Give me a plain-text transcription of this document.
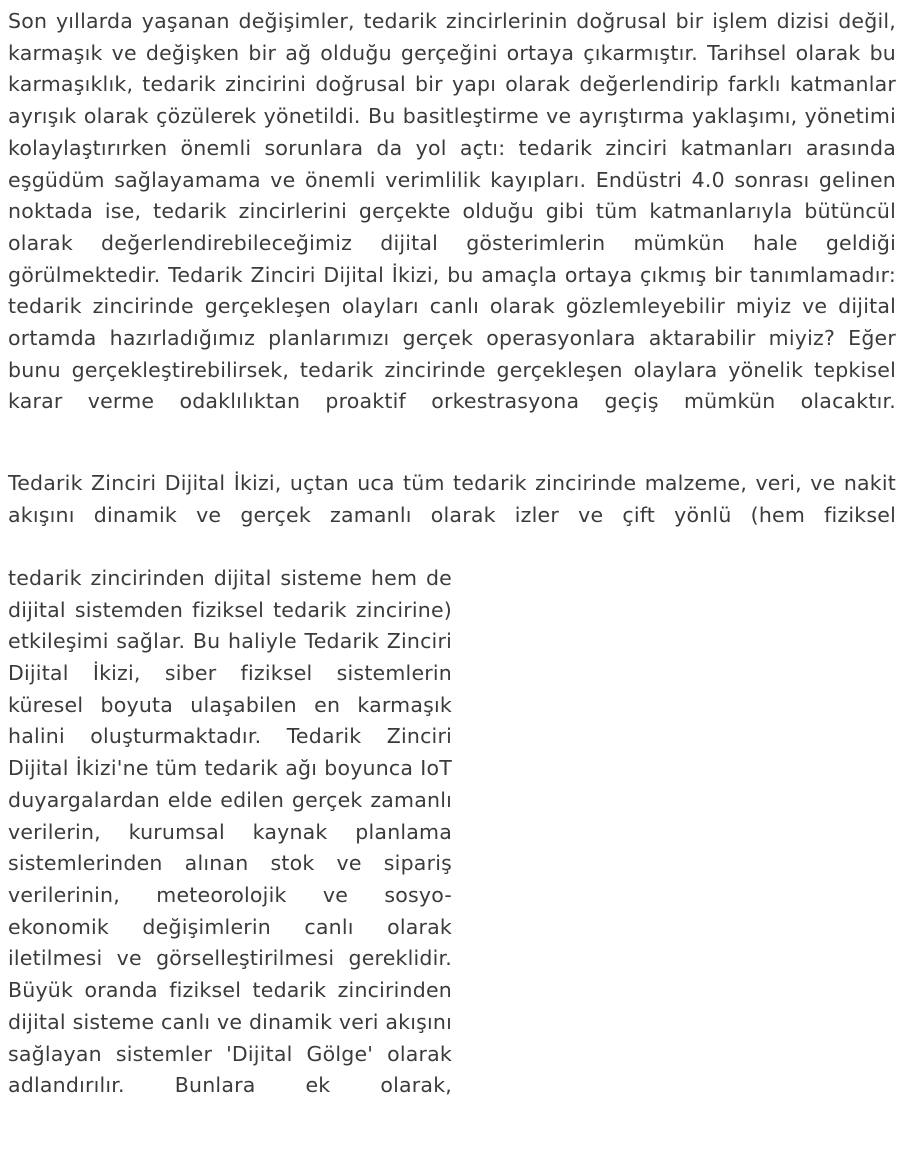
Son yıllarda yaşanan değişimler, tedarik zincirlerinin doğrusal bir işlem dizisi değil, karmaşık ve değişken bir ağ olduğu gerçeğini ortaya çıkarmıştır. Tarihsel olarak bu karmaşıklık, tedarik zincirini doğrusal bir yapı olarak değerlendirip farklı katmanlar ayrışık olarak çözülerek yönetildi. Bu basitleştirme ve ayrıştırma yaklaşımı, yönetimi kolaylaştırırken önemli sorunlara da yol açtı: tedarik zinciri katmanları arasında eşgüdüm sağlayamama ve önemli verimlilik kayıpları. Endüstri 4.0 sonrası gelinen noktada ise, tedarik zincirlerini gerçekte olduğu gibi tüm katmanlarıyla bütüncül olarak değerlendirebileceğimiz dijital gösterimlerin mümkün hale geldiği görülmektedir. Tedarik Zinciri Dijital İkizi, bu amaçla ortaya çıkmış bir tanımlamadır: tedarik zincirinde gerçekleşen olayları canlı olarak gözlemleyebilir miyiz ve dijital ortamda hazırladığımız planlarımızı gerçek operasyonlara aktarabilir miyiz? Eğer bunu gerçekleştirebilirsek, tedarik zincirinde gerçekleşen olaylara yönelik tepkisel karar verme odaklılıktan proaktif orkestrasyona geçiş mümkün olacaktır.

Tedarik Zinciri Dijital İkizi, uçtan uca tüm tedarik zincirinde malzeme, veri, ve nakit akışını dinamik ve gerçek zamanlı olarak izler ve çift yönlü (hem fiziksel

tedarik zincirinden dijital sisteme hem de dijital sistemden fiziksel tedarik zincirine) etkileşimi sağlar. Bu haliyle Tedarik Zinciri Dijital İkizi, siber fiziksel sistemlerin küresel boyuta ulaşabilen en karmaşık halini oluşturmaktadır. Tedarik Zinciri Dijital İkizi'ne tüm tedarik ağı boyunca IoT duyargalardan elde edilen gerçek zamanlı verilerin, kurumsal kaynak planlama sistemlerinden alınan stok ve sipariş verilerinin, meteorolojik ve sosyo-ekonomik değişimlerin canlı olarak iletilmesi ve görselleştirilmesi gereklidir. Büyük oranda fiziksel tedarik zincirinden dijital sisteme canlı ve dinamik veri akışını sağlayan sistemler 'Dijital Gölge' olarak adlandırılır. Bunlara ek olarak,
